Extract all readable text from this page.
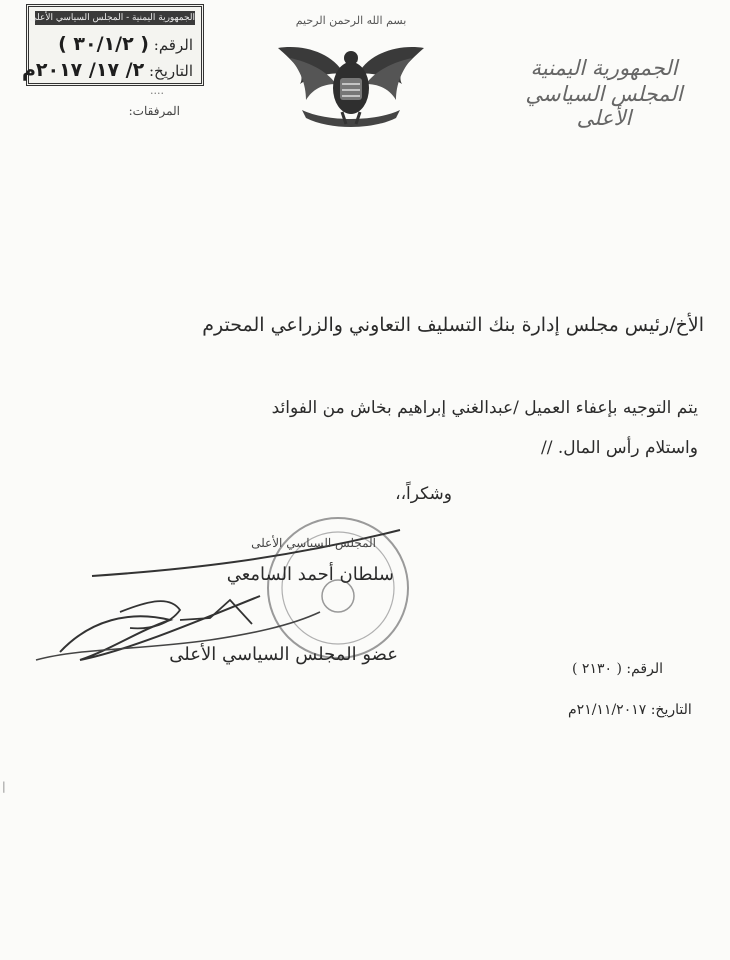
الجمهورية اليمنية - المجلس السياسي الأعلى
الرقم: ( ٣٠/١/٢ )
التاريخ: ٢/ ١٧/ ٢٠١٧م
....
المرفقات:
بسم الله الرحمن الرحيم
الجمهورية اليمنية
المجلس السياسي الأعلى
الأخ/رئيس مجلس إدارة بنك التسليف التعاوني والزراعي المحترم
يتم التوجيه بإعفاء العميل /عبدالغني إبراهيم بخاش من الفوائد
واستلام رأس المال. //
وشكراً،،
المجلس السياسي الأعلى
سلطان أحمد السامعي
عضو المجلس السياسي الأعلى
الرقم: ( ٢١٣٠ )
التاريخ: ٢١/١١/٢٠١٧م
|
